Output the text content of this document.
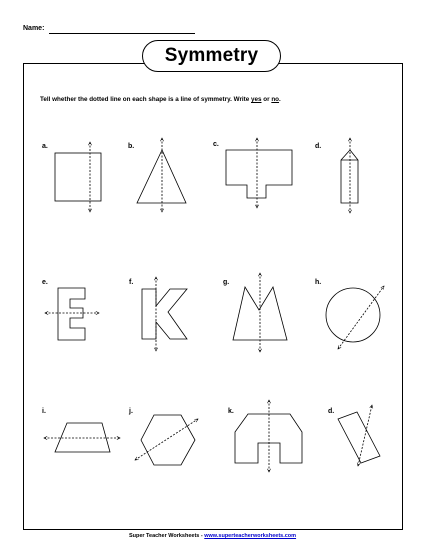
Name:
Symmetry
Tell whether the dotted line on each shape is a line of symmetry. Write yes or no.
a.	b.	c.	d.
e.	f.	g.	h.
i.	j.	k.	d.
Super Teacher Worksheets - www.superteacherworksheets.com
